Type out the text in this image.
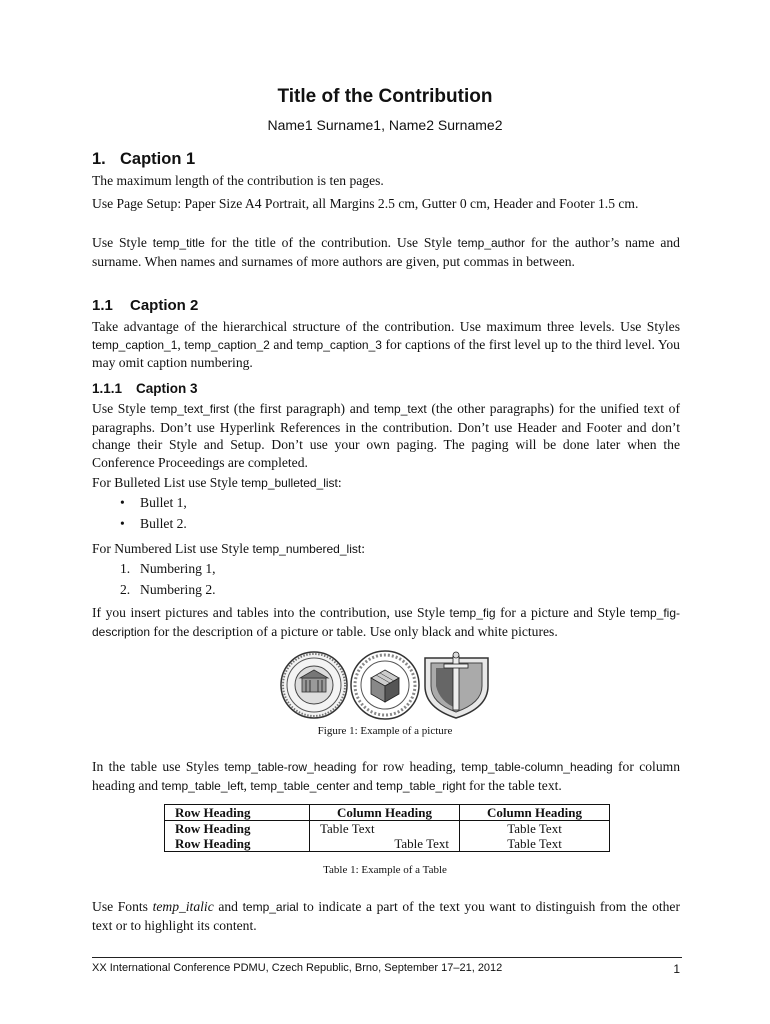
Title of the Contribution
Name1 Surname1, Name2 Surname2
1. Caption 1
The maximum length of the contribution is ten pages.
Use Page Setup: Paper Size A4 Portrait, all Margins 2.5 cm, Gutter 0 cm, Header and Footer 1.5 cm.
Use Style temp_title for the title of the contribution. Use Style temp_author for the author’s name and surname. When names and surnames of more authors are given, put commas in between.
1.1 Caption 2
Take advantage of the hierarchical structure of the contribution. Use maximum three levels. Use Styles temp_caption_1, temp_caption_2 and temp_caption_3 for captions of the first level up to the third level. You may omit caption numbering.
1.1.1 Caption 3
Use Style temp_text_first (the first paragraph) and temp_text (the other paragraphs) for the unified text of paragraphs. Don’t use Hyperlink References in the contribution. Don’t use Header and Footer and don’t change their Style and Setup. Don’t use your own paging. The paging will be done later when the Conference Proceedings are completed.
For Bulleted List use Style temp_bulleted_list:
• Bullet 1,
• Bullet 2.
For Numbered List use Style temp_numbered_list:
1. Numbering 1,
2. Numbering 2.
If you insert pictures and tables into the contribution, use Style temp_fig for a picture and Style temp_fig-description for the description of a picture or table. Use only black and white pictures.
Figure 1: Example of a picture
In the table use Styles temp_table-row_heading for row heading, temp_table-column_heading for column heading and temp_table_left, temp_table_center and temp_table_right for the table text.
Row Heading	Column Heading	Column Heading
Row Heading	Table Text	Table Text
Row Heading	Table Text	Table Text
Table 1: Example of a Table
Use Fonts temp_italic and temp_arial to indicate a part of the text you want to distinguish from the other text or to highlight its content.
XX International Conference PDMU, Czech Republic, Brno, September 17–21, 2012	1
